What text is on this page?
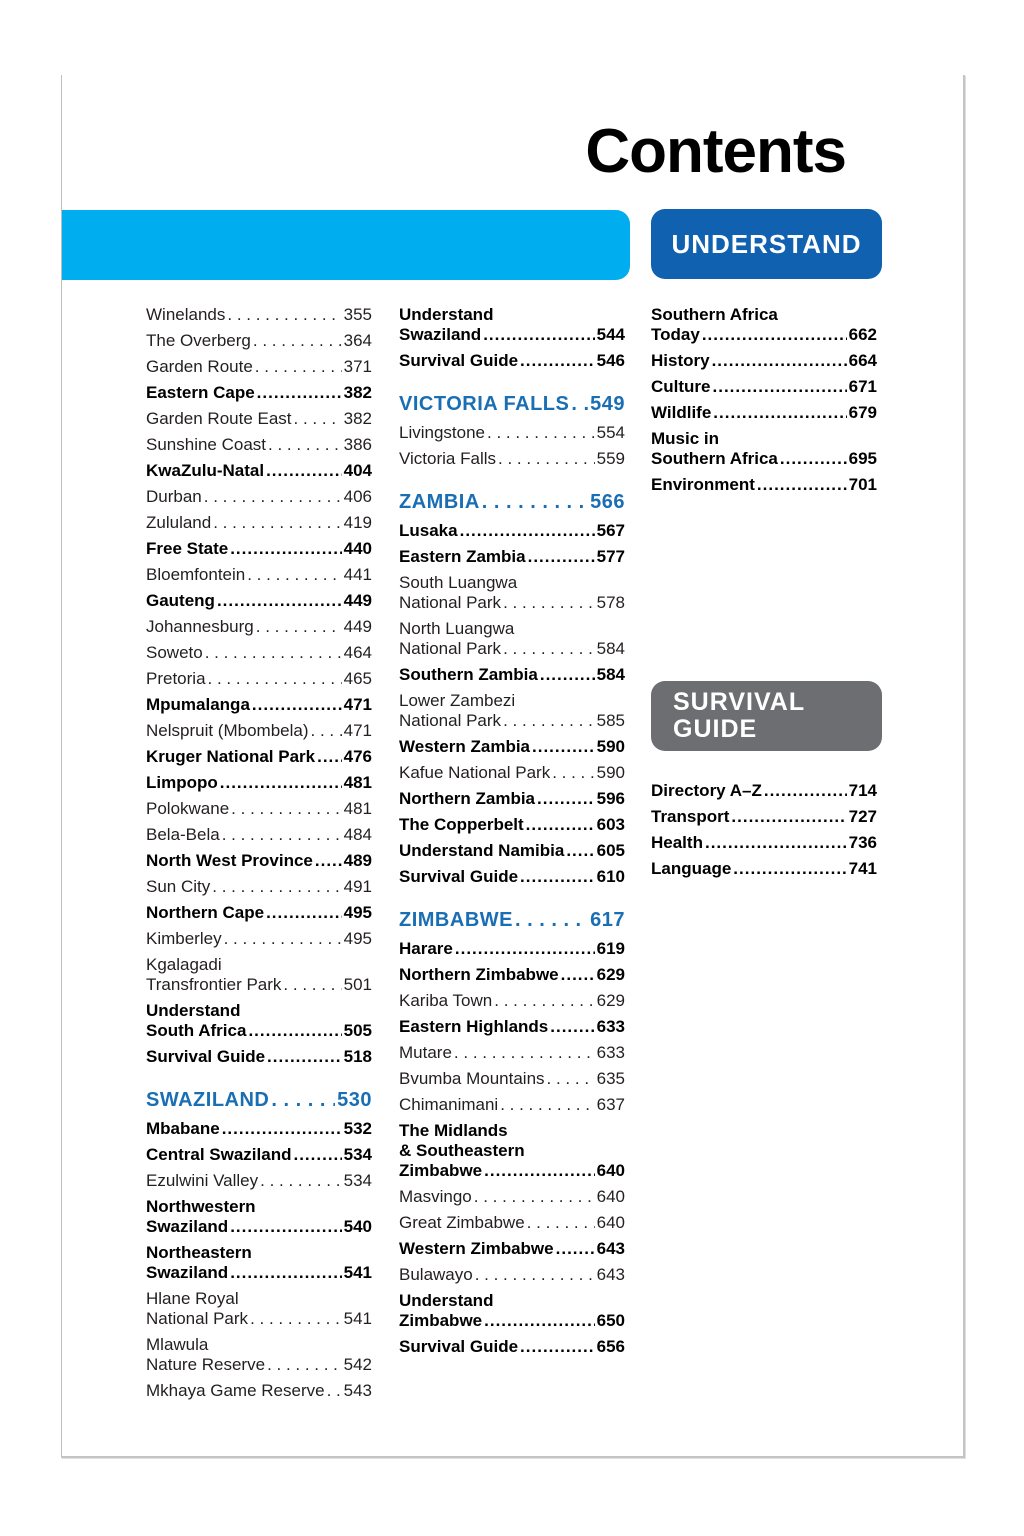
Contents
UNDERSTAND
SURVIVAL
GUIDE
Winelands . . .	355
The Overberg . . .	364
Garden Route . . .	371
Eastern Cape .....	382
Garden Route East . . .	382
Sunshine Coast . . .	386
KwaZulu-Natal .....	404
Durban . . .	406
Zululand . . .	419
Free State .....	440
Bloemfontein . . .	441
Gauteng .....	449
Johannesburg . . .	449
Soweto . . .	464
Pretoria . . .	465
Mpumalanga .....	471
Nelspruit (Mbombela) . . . 471
Kruger National Park ..... 476
Limpopo .....	481
Polokwane . . .	481
Bela-Bela . . .	484
North West Province ..... 489
Sun City . . .	491
Northern Cape .....	495
Kimberley . . .	495
Kgalagadi
Transfrontier Park . . .	501
Understand
South Africa .....	505
Survival Guide .....	518
SWAZILAND . . .	530
Mbabane .....	532
Central Swaziland .....	534
Ezulwini Valley . . .	534
Northwestern
Swaziland .....	540
Northeastern
Swaziland .....	541
Hlane Royal
National Park . . .	541
Mlawula
Nature Reserve . . .	542
Mkhaya Game Reserve . . . 543
Understand
Swaziland .....	544
Survival Guide .....	546
VICTORIA FALLS . . . 549
Livingstone . . .	554
Victoria Falls . . .	559
ZAMBIA . . .	566
Lusaka .....	567
Eastern Zambia .....	577
South Luangwa
National Park . . .	578
North Luangwa
National Park . . .	584
Southern Zambia .....	584
Lower Zambezi
National Park . . .	585
Western Zambia .....	590
Kafue National Park . . .	590
Northern Zambia .....	596
The Copperbelt .....	603
Understand Namibia ..... 605
Survival Guide .....	610
ZIMBABWE . . .	617
Harare .....	619
Northern Zimbabwe ..... 629
Kariba Town . . .	629
Eastern Highlands .....	633
Mutare . . .	633
Bvumba Mountains . . .	635
Chimanimani . . .	637
The Midlands
& Southeastern
Zimbabwe .....	640
Masvingo . . .	640
Great Zimbabwe . . .	640
Western Zimbabwe .....	643
Bulawayo . . .	643
Understand
Zimbabwe .....	650
Survival Guide .....	656
Southern Africa
Today .....	662
History .....	664
Culture .....	671
Wildlife .....	679
Music in
Southern Africa .....	695
Environment .....	701
Directory A–Z .....	714
Transport .....	727
Health .....	736
Language .....	741
